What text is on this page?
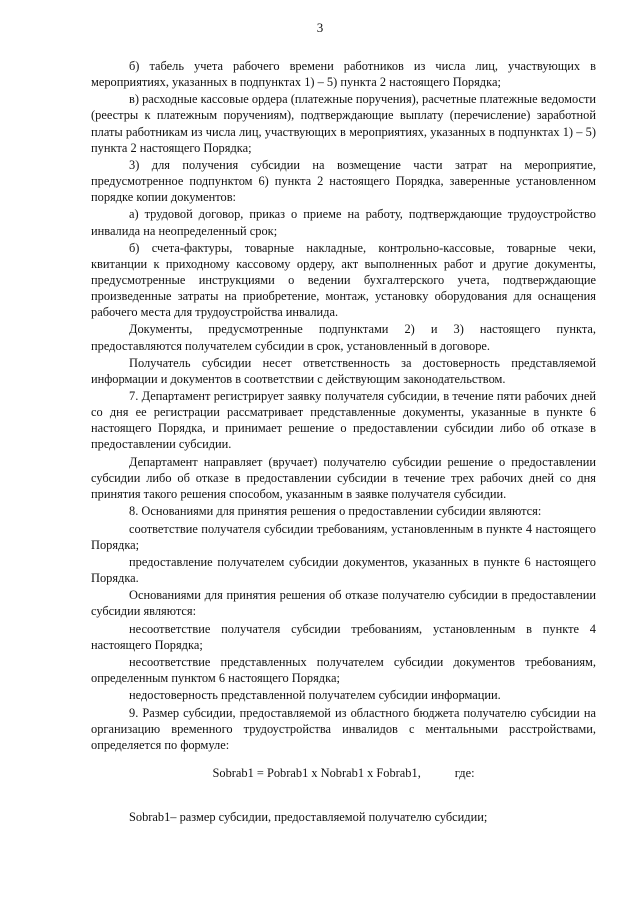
3

б) табель учета рабочего времени работников из числа лиц, участвующих в мероприятиях, указанных в подпунктах 1) – 5) пункта 2 настоящего Порядка;

в) расходные кассовые ордера (платежные поручения), расчетные платежные ведомости (реестры к платежным поручениям), подтверждающие выплату (перечисление) заработной платы работникам из числа лиц, участвующих в мероприятиях, указанных в подпунктах 1) – 5) пункта 2 настоящего Порядка;

3) для получения субсидии на возмещение части затрат на мероприятие, предусмотренное подпунктом 6) пункта 2 настоящего Порядка, заверенные установленном порядке копии документов:

а) трудовой договор, приказ о приеме на работу, подтверждающие трудоустройство инвалида на неопределенный срок;

б) счета-фактуры, товарные накладные, контрольно-кассовые, товарные чеки, квитанции к приходному кассовому ордеру, акт выполненных работ и другие документы, предусмотренные инструкциями о ведении бухгалтерского учета, подтверждающие произведенные затраты на приобретение, монтаж, установку оборудования для оснащения рабочего места для трудоустройства инвалида.

Документы, предусмотренные подпунктами 2) и 3) настоящего пункта, предоставляются получателем субсидии в срок, установленный в договоре.

Получатель субсидии несет ответственность за достоверность представляемой информации и документов в соответствии с действующим законодательством.

7. Департамент регистрирует заявку получателя субсидии, в течение пяти рабочих дней со дня ее регистрации рассматривает представленные документы, указанные в пункте 6 настоящего Порядка, и принимает решение о предоставлении субсидии либо об отказе в предоставлении субсидии.

Департамент направляет (вручает) получателю субсидии решение о предоставлении субсидии либо об отказе в предоставлении субсидии в течение трех рабочих дней со дня принятия такого решения способом, указанным в заявке получателя субсидии.

8. Основаниями для принятия решения о предоставлении субсидии являются:

соответствие получателя субсидии требованиям, установленным в пункте 4 настоящего Порядка;

предоставление получателем субсидии документов, указанных в пункте 6 настоящего Порядка.

Основаниями для принятия решения об отказе получателю субсидии в предоставлении субсидии являются:

несоответствие получателя субсидии требованиям, установленным в пункте 4 настоящего Порядка;

несоответствие представленных получателем субсидии документов требованиям, определенным пунктом 6 настоящего Порядка;

недостоверность представленной получателем субсидии информации.

9. Размер субсидии, предоставляемой из областного бюджета получателю субсидии на организацию временного трудоустройства инвалидов с ментальными расстройствами, определяется по формуле:

Sobrab1 = Pobrab1 x Nobrab1 x Fobrab1,	где:

Sobrab1– размер субсидии, предоставляемой получателю субсидии;
